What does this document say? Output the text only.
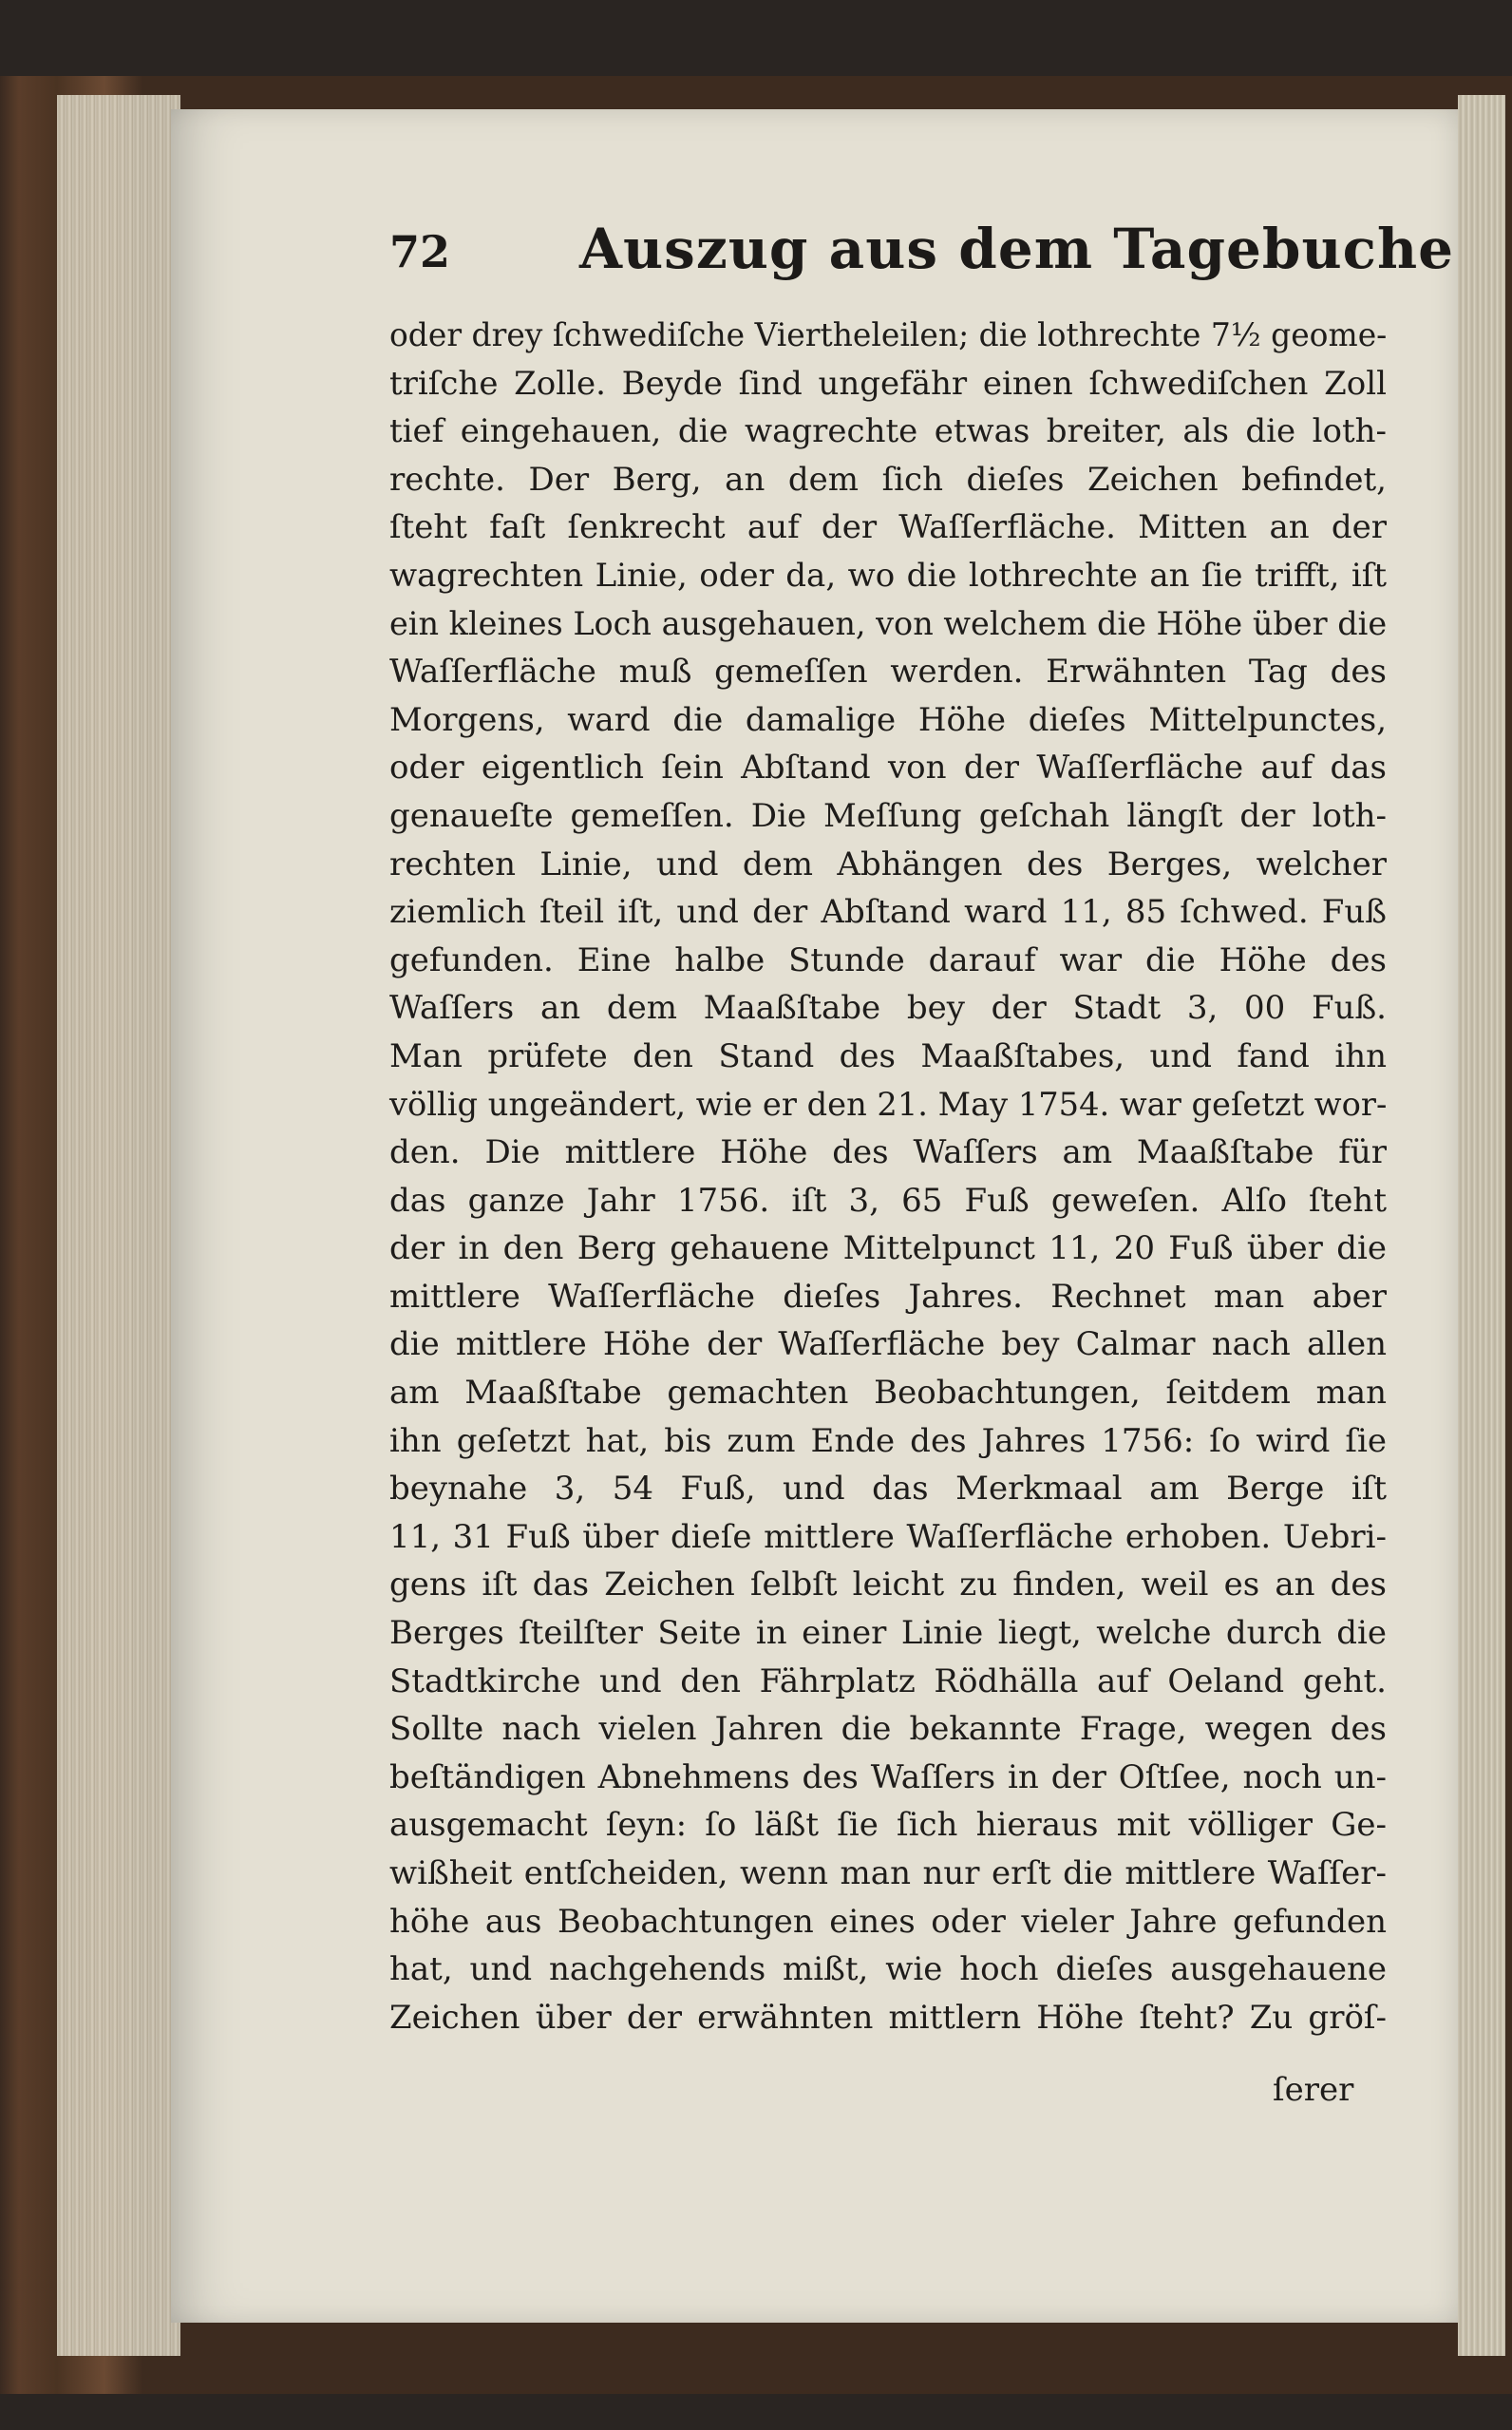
72 Auszug aus dem Tagebuche
oder drey ſchwediſche Viertheleilen; die lothrechte 7½ geome-
triſche Zolle. Beyde ſind ungefähr einen ſchwediſchen Zoll
tief eingehauen, die wagrechte etwas breiter, als die loth-
rechte. Der Berg, an dem ſich dieſes Zeichen befindet,
ſteht faſt ſenkrecht auf der Waſſerfläche. Mitten an der
wagrechten Linie, oder da, wo die lothrechte an ſie trifft, iſt
ein kleines Loch ausgehauen, von welchem die Höhe über die
Waſſerfläche muß gemeſſen werden. Erwähnten Tag des
Morgens, ward die damalige Höhe dieſes Mittelpunctes,
oder eigentlich ſein Abſtand von der Waſſerfläche auf das
genaueſte gemeſſen. Die Meſſung geſchah längſt der loth-
rechten Linie, und dem Abhängen des Berges, welcher
ziemlich ſteil iſt, und der Abſtand ward 11, 85 ſchwed. Fuß
gefunden. Eine halbe Stunde darauf war die Höhe des
Waſſers an dem Maaßſtabe bey der Stadt 3, 00 Fuß.
Man prüfete den Stand des Maaßſtabes, und fand ihn
völlig ungeändert, wie er den 21. May 1754. war geſetzt wor-
den. Die mittlere Höhe des Waſſers am Maaßſtabe für
das ganze Jahr 1756. iſt 3, 65 Fuß geweſen. Alſo ſteht
der in den Berg gehauene Mittelpunct 11, 20 Fuß über die
mittlere Waſſerfläche dieſes Jahres. Rechnet man aber
die mittlere Höhe der Waſſerfläche bey Calmar nach allen
am Maaßſtabe gemachten Beobachtungen, ſeitdem man
ihn geſetzt hat, bis zum Ende des Jahres 1756: ſo wird ſie
beynahe 3, 54 Fuß, und das Merkmaal am Berge iſt
11, 31 Fuß über dieſe mittlere Waſſerfläche erhoben. Uebri-
gens iſt das Zeichen ſelbſt leicht zu finden, weil es an des
Berges ſteilſter Seite in einer Linie liegt, welche durch die
Stadtkirche und den Fährplatz Rödhälla auf Oeland geht.
Sollte nach vielen Jahren die bekannte Frage, wegen des
beſtändigen Abnehmens des Waſſers in der Oſtſee, noch un-
ausgemacht ſeyn: ſo läßt ſie ſich hieraus mit völliger Ge-
wißheit entſcheiden, wenn man nur erſt die mittlere Waſſer-
höhe aus Beobachtungen eines oder vieler Jahre gefunden
hat, und nachgehends mißt, wie hoch dieſes ausgehauene
Zeichen über der erwähnten mittlern Höhe ſteht? Zu gröſ-
ſerer
